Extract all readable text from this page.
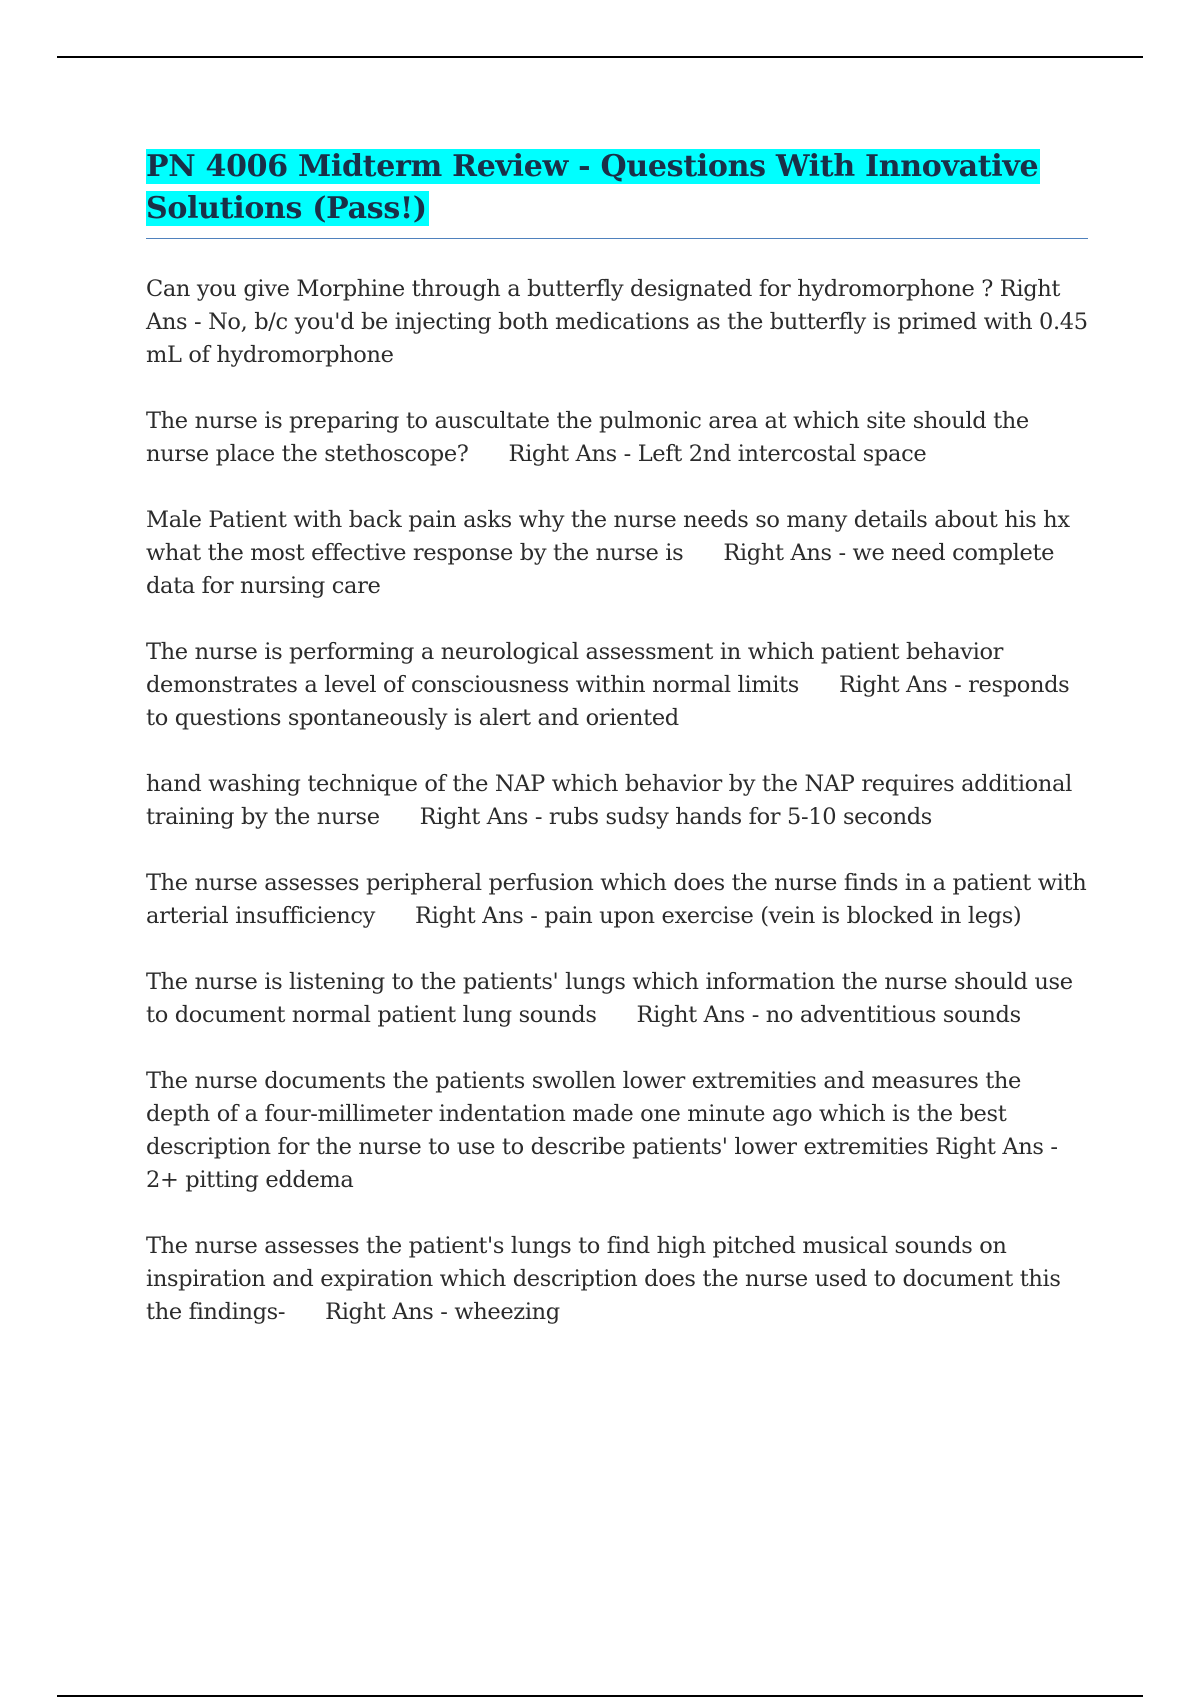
PN 4006 Midterm Review - Questions With Innovative Solutions (Pass!)

Can you give Morphine through a butterfly designated for hydromorphone ? Right Ans - No, b/c you'd be injecting both medications as the butterfly is primed with 0.45 mL of hydromorphone

The nurse is preparing to auscultate the pulmonic area at which site should the nurse place the stethoscope? Right Ans - Left 2nd intercostal space

Male Patient with back pain asks why the nurse needs so many details about his hx what the most effective response by the nurse is Right Ans - we need complete data for nursing care

The nurse is performing a neurological assessment in which patient behavior demonstrates a level of consciousness within normal limits Right Ans - responds to questions spontaneously is alert and oriented

hand washing technique of the NAP which behavior by the NAP requires additional training by the nurse Right Ans - rubs sudsy hands for 5-10 seconds

The nurse assesses peripheral perfusion which does the nurse finds in a patient with arterial insufficiency Right Ans - pain upon exercise (vein is blocked in legs)

The nurse is listening to the patients' lungs which information the nurse should use to document normal patient lung sounds Right Ans - no adventitious sounds

The nurse documents the patients swollen lower extremities and measures the depth of a four-millimeter indentation made one minute ago which is the best description for the nurse to use to describe patients' lower extremities Right Ans - 2+ pitting eddema

The nurse assesses the patient's lungs to find high pitched musical sounds on inspiration and expiration which description does the nurse used to document this the findings- Right Ans - wheezing
